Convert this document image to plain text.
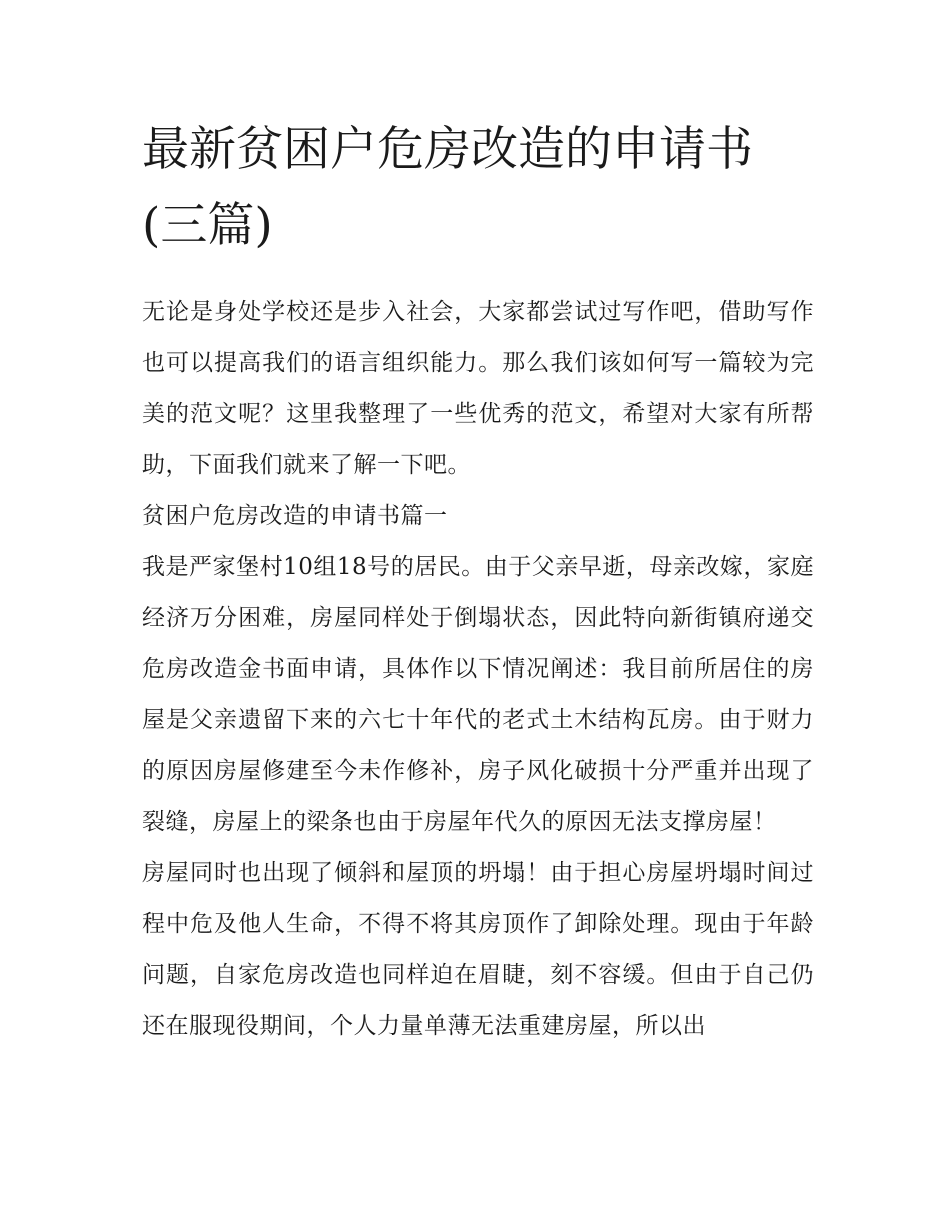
最新贫困户危房改造的申请书(三篇)

无论是身处学校还是步入社会，大家都尝试过写作吧，借助写作也可以提高我们的语言组织能力。那么我们该如何写一篇较为完美的范文呢？这里我整理了一些优秀的范文，希望对大家有所帮助，下面我们就来了解一下吧。

贫困户危房改造的申请书篇一

我是严家堡村10组18号的居民。由于父亲早逝，母亲改嫁，家庭经济万分困难，房屋同样处于倒塌状态，因此特向新街镇府递交危房改造金书面申请，具体作以下情况阐述：我目前所居住的房屋是父亲遗留下来的六七十年代的老式土木结构瓦房。由于财力的原因房屋修建至今未作修补，房子风化破损十分严重并出现了裂缝，房屋上的梁条也由于房屋年代久的原因无法支撑房屋！

房屋同时也出现了倾斜和屋顶的坍塌！由于担心房屋坍塌时间过程中危及他人生命，不得不将其房顶作了卸除处理。现由于年龄问题，自家危房改造也同样迫在眉睫，刻不容缓。但由于自己仍还在服现役期间，个人力量单薄无法重建房屋，所以出
